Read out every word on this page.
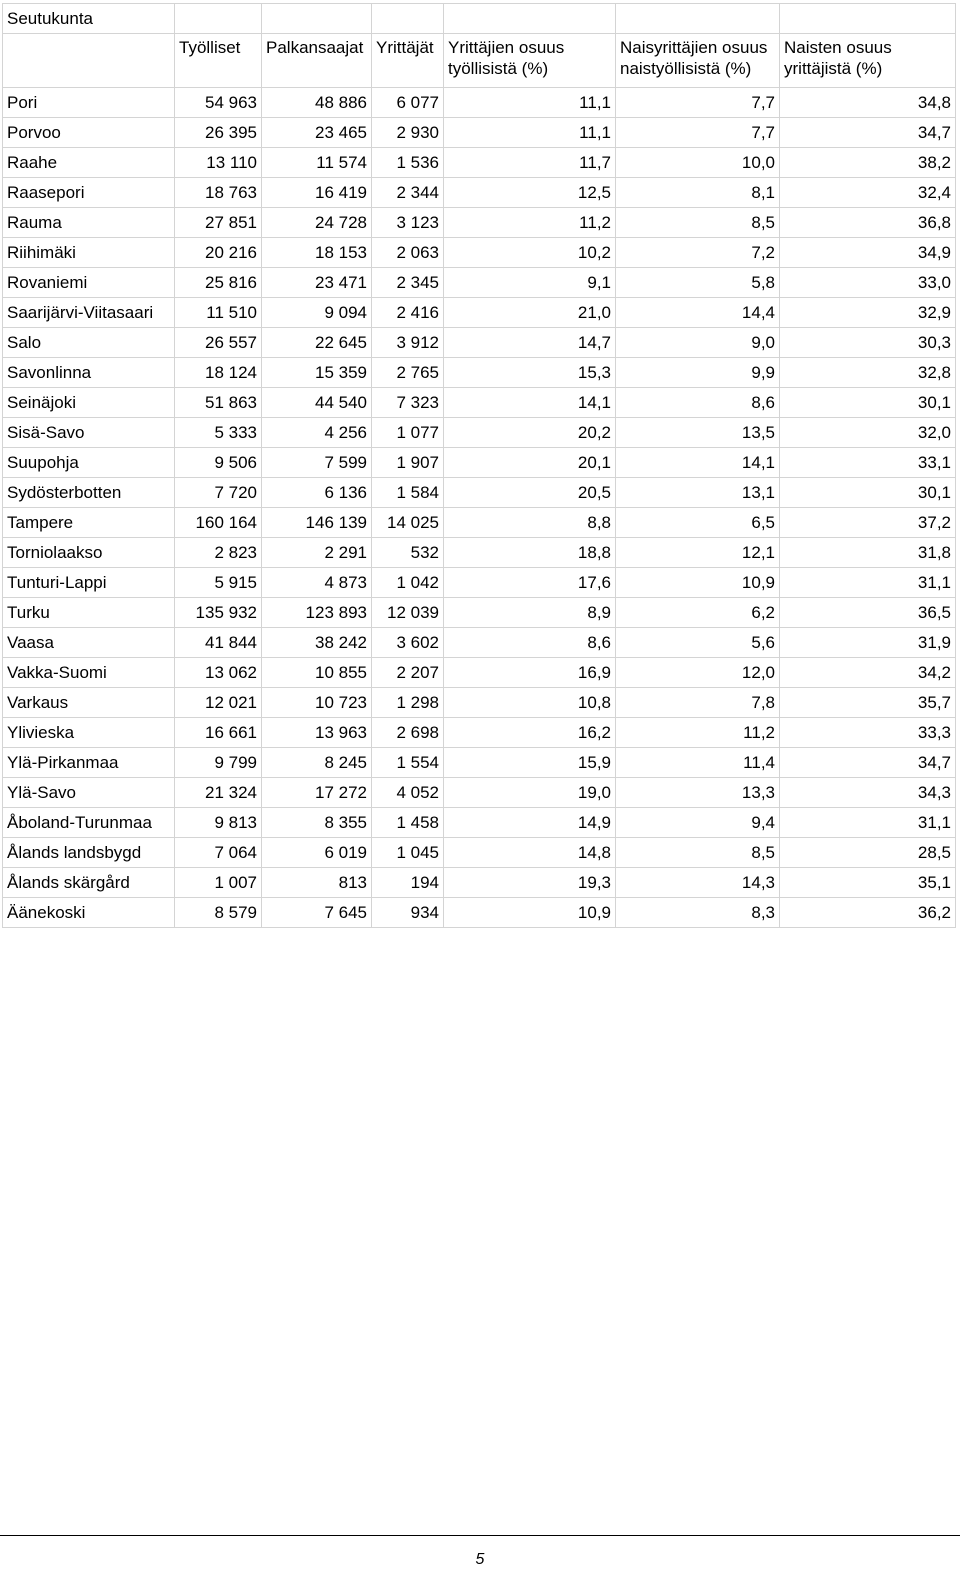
Seutukunta						
	Työlliset	Palkansaajat	Yrittäjät	Yrittäjien osuus työllisistä (%)	Naisyrittäjien osuus naistyöllisistä (%)	Naisten osuus yrittäjistä (%)
Pori	54 963	48 886	6 077	11,1	7,7	34,8
Porvoo	26 395	23 465	2 930	11,1	7,7	34,7
Raahe	13 110	11 574	1 536	11,7	10,0	38,2
Raasepori	18 763	16 419	2 344	12,5	8,1	32,4
Rauma	27 851	24 728	3 123	11,2	8,5	36,8
Riihimäki	20 216	18 153	2 063	10,2	7,2	34,9
Rovaniemi	25 816	23 471	2 345	9,1	5,8	33,0
Saarijärvi-Viitasaari	11 510	9 094	2 416	21,0	14,4	32,9
Salo	26 557	22 645	3 912	14,7	9,0	30,3
Savonlinna	18 124	15 359	2 765	15,3	9,9	32,8
Seinäjoki	51 863	44 540	7 323	14,1	8,6	30,1
Sisä-Savo	5 333	4 256	1 077	20,2	13,5	32,0
Suupohja	9 506	7 599	1 907	20,1	14,1	33,1
Sydösterbotten	7 720	6 136	1 584	20,5	13,1	30,1
Tampere	160 164	146 139	14 025	8,8	6,5	37,2
Torniolaakso	2 823	2 291	532	18,8	12,1	31,8
Tunturi-Lappi	5 915	4 873	1 042	17,6	10,9	31,1
Turku	135 932	123 893	12 039	8,9	6,2	36,5
Vaasa	41 844	38 242	3 602	8,6	5,6	31,9
Vakka-Suomi	13 062	10 855	2 207	16,9	12,0	34,2
Varkaus	12 021	10 723	1 298	10,8	7,8	35,7
Ylivieska	16 661	13 963	2 698	16,2	11,2	33,3
Ylä-Pirkanmaa	9 799	8 245	1 554	15,9	11,4	34,7
Ylä-Savo	21 324	17 272	4 052	19,0	13,3	34,3
Åboland-Turunmaa	9 813	8 355	1 458	14,9	9,4	31,1
Ålands landsbygd	7 064	6 019	1 045	14,8	8,5	28,5
Ålands skärgård	1 007	813	194	19,3	14,3	35,1
Äänekoski	8 579	7 645	934	10,9	8,3	36,2
5
